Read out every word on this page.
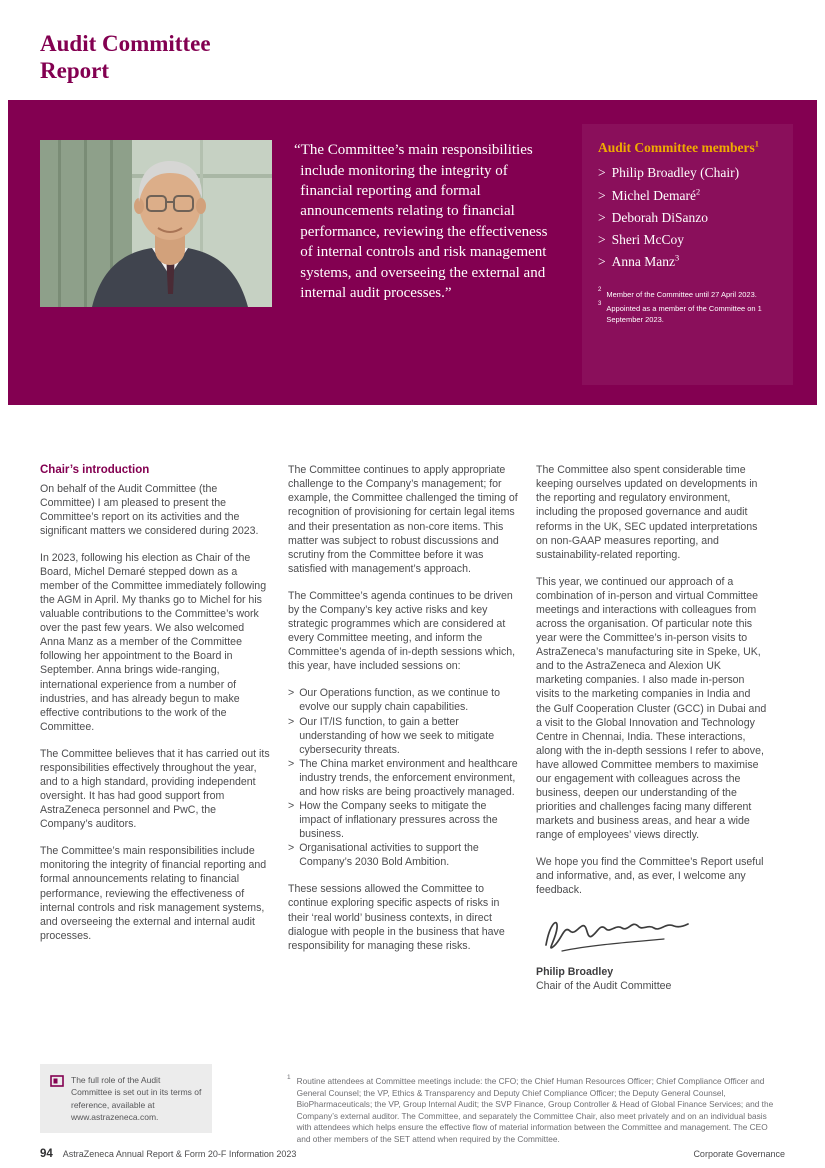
Audit Committee
Report
“The Committee’s main responsibilities include monitoring the integrity of financial reporting and formal announcements relating to financial performance, reviewing the effectiveness of internal controls and risk management systems, and overseeing the external and internal audit processes.”
Audit Committee members$^1$
> Philip Broadley (Chair)
> Michel Demaré$^2$
> Deborah DiSanzo
> Sheri McCoy
> Anna Manz$^3$
2 Member of the Committee until 27 April 2023.
3 Appointed as a member of the Committee on 1 September 2023.
Chair’s introduction

On behalf of the Audit Committee (the Committee) I am pleased to present the Committee’s report on its activities and the significant matters we considered during 2023.

In 2023, following his election as Chair of the Board, Michel Demaré stepped down as a member of the Committee immediately following the AGM in April. My thanks go to Michel for his valuable contributions to the Committee’s work over the past few years. We also welcomed Anna Manz as a member of the Committee following her appointment to the Board in September. Anna brings wide-ranging, international experience from a number of industries, and has already begun to make effective contributions to the work of the Committee.

The Committee believes that it has carried out its responsibilities effectively throughout the year, and to a high standard, providing independent oversight. It has had good support from AstraZeneca personnel and PwC, the Company’s auditors.

The Committee’s main responsibilities include monitoring the integrity of financial reporting and formal announcements relating to financial performance, reviewing the effectiveness of internal controls and risk management systems, and overseeing the external and internal audit processes.

The Committee continues to apply appropriate challenge to the Company’s management; for example, the Committee challenged the timing of recognition of provisioning for certain legal items and their presentation as non-core items. This matter was subject to robust discussions and scrutiny from the Committee before it was satisfied with management’s approach.

The Committee’s agenda continues to be driven by the Company’s key active risks and key strategic programmes which are considered at every Committee meeting, and inform the Committee’s agenda of in-depth sessions which, this year, have included sessions on:

> Our Operations function, as we continue to evolve our supply chain capabilities.
> Our IT/IS function, to gain a better understanding of how we seek to mitigate cybersecurity threats.
> The China market environment and healthcare industry trends, the enforcement environment, and how risks are being proactively managed.
> How the Company seeks to mitigate the impact of inflationary pressures across the business.
> Organisational activities to support the Company’s 2030 Bold Ambition.

These sessions allowed the Committee to continue exploring specific aspects of risks in their ‘real world’ business contexts, in direct dialogue with people in the business that have responsibility for managing these risks.

The Committee also spent considerable time keeping ourselves updated on developments in the reporting and regulatory environment, including the proposed governance and audit reforms in the UK, SEC updated interpretations on non-GAAP measures reporting, and sustainability-related reporting.

This year, we continued our approach of a combination of in-person and virtual Committee meetings and interactions with colleagues from across the organisation. Of particular note this year were the Committee’s in-person visits to AstraZeneca’s manufacturing site in Speke, UK, and to the AstraZeneca and Alexion UK marketing companies. I also made in-person visits to the marketing companies in India and the Gulf Cooperation Cluster (GCC) in Dubai and a visit to the Global Innovation and Technology Centre in Chennai, India. These interactions, along with the in-depth sessions I refer to above, have allowed Committee members to maximise our engagement with colleagues across the business, deepen our understanding of the priorities and challenges facing many different markets and business areas, and hear a wide range of employees’ views directly.

We hope you find the Committee’s Report useful and informative, and, as ever, I welcome any feedback.

Philip Broadley
Chair of the Audit Committee
The full role of the Audit Committee is set out in its terms of reference, available at www.astrazeneca.com.
1 Routine attendees at Committee meetings include: the CFO; the Chief Human Resources Officer; Chief Compliance Officer and General Counsel; the VP, Ethics & Transparency and Deputy Chief Compliance Officer; the Deputy General Counsel, BioPharmaceuticals; the VP, Group Internal Audit; the SVP Finance, Group Controller & Head of Global Finance Services; and the Company’s external auditor. The Committee, and separately the Committee Chair, also meet privately and on an individual basis with attendees which helps ensure the effective flow of material information between the Committee and management. The CEO and other members of the SET attend when required by the Committee.

94 AstraZeneca Annual Report & Form 20-F Information 2023	Corporate Governance
